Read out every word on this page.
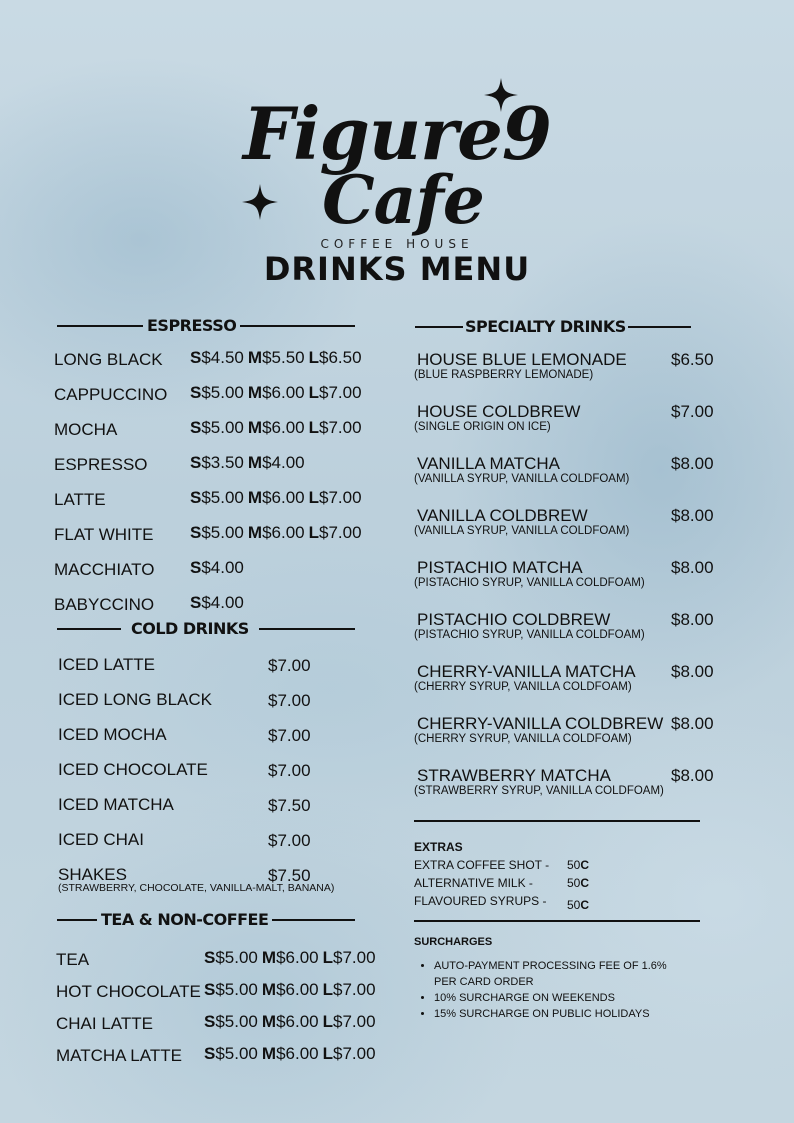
Figure9
Cafe
COFFEE HOUSE
DRINKS MENU
ESPRESSO
COLD DRINKS
TEA & NON-COFFEE
SPECIALTY DRINKS
EXTRAS
SURCHARGES
• AUTO-PAYMENT PROCESSING FEE OF 1.6% PER CARD ORDER
• 10% SURCHARGE ON WEEKENDS
• 15% SURCHARGE ON PUBLIC HOLIDAYS
LONG BLACK S$4.50 M$5.50 L$6.50
CAPPUCCINO S$5.00 M$6.00 L$7.00
MOCHA	S$5.00 M$6.00 L$7.00
ESPRESSO S$3.50 M$4.00
LATTE	S$5.00 M$6.00 L$7.00
FLAT WHITE S$5.00 M$6.00 L$7.00
MACCHIATO S$4.00
BABYCCINO S$4.00
ICED LATTE	$7.00
ICED LONG BLACK	$7.00
ICED MOCHA	$7.00
ICED CHOCOLATE	$7.00
ICED MATCHA	$7.50
ICED CHAI	$7.00
SHAKES	$7.50
(STRAWBERRY, CHOCOLATE, VANILLA-MALT, BANANA)
TEA	S$5.00 M$6.00 L$7.00
HOT CHOCOLATE S$5.00 M$6.00 L$7.00
CHAI LATTE	S$5.00 M$6.00 L$7.00
MATCHA LATTE S$5.00 M$6.00 L$7.00
HOUSE BLUE LEMONADE	$6.50
(BLUE RASPBERRY LEMONADE)
HOUSE COLDBREW	$7.00
(SINGLE ORIGIN ON ICE)
VANILLA MATCHA	$8.00
(VANILLA SYRUP, VANILLA COLDFOAM)
VANILLA COLDBREW	$8.00
(VANILLA SYRUP, VANILLA COLDFOAM)
PISTACHIO MATCHA	$8.00
(PISTACHIO SYRUP, VANILLA COLDFOAM)
PISTACHIO COLDBREW	$8.00
(PISTACHIO SYRUP, VANILLA COLDFOAM)
CHERRY-VANILLA MATCHA $8.00
(CHERRY SYRUP, VANILLA COLDFOAM)
CHERRY-VANILLA COLDBREW $8.00
(CHERRY SYRUP, VANILLA COLDFOAM)
STRAWBERRY MATCHA	$8.00
(STRAWBERRY SYRUP, VANILLA COLDFOAM)
EXTRA COFFEE SHOT - 50C
ALTERNATIVE MILK -	50C
FLAVOURED SYRUPS - 50C
